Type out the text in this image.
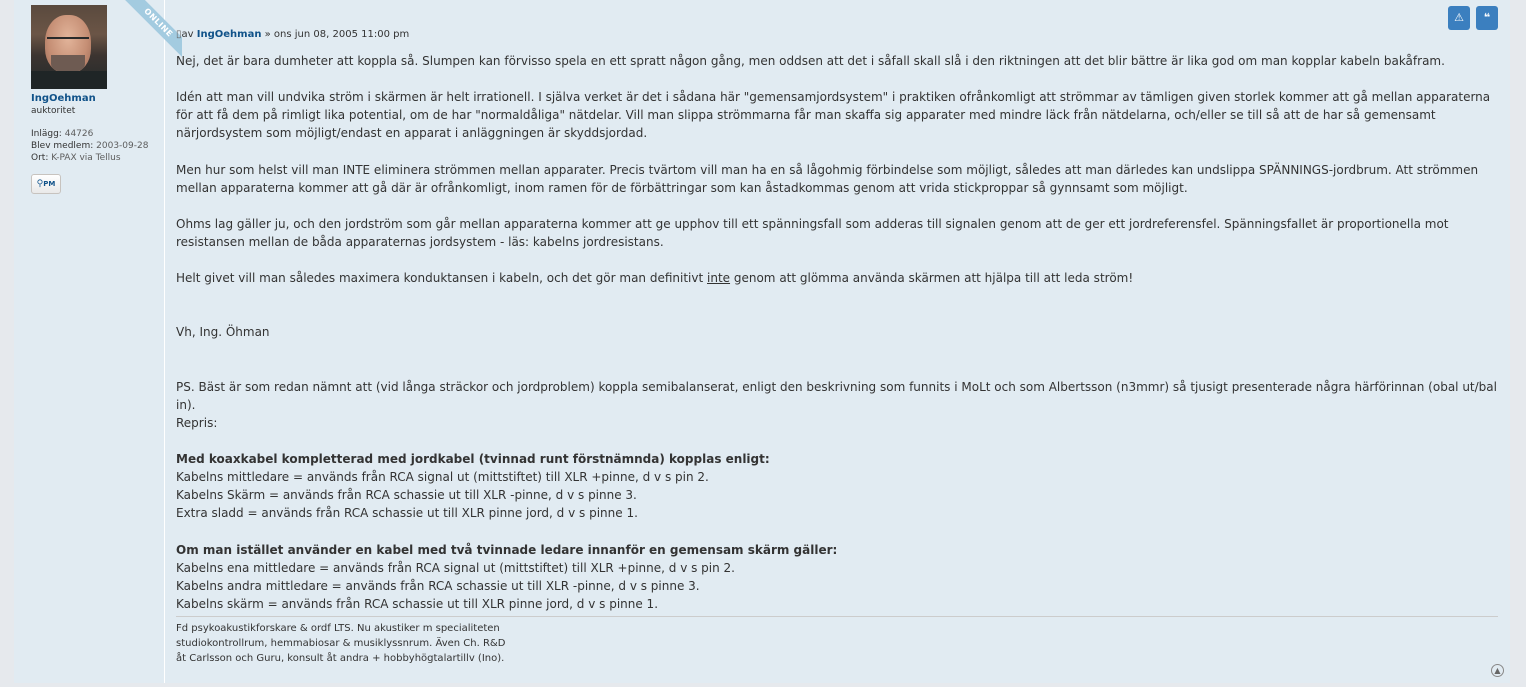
ONLINE
IngOehman
auktoritet
Inlägg: 44726
Blev medlem: 2003-09-28
Ort: K-PAX via Tellus
⚲PM
▯av IngOehman » ons jun 08, 2005 11:00 pm
⚠ ❝

Nej, det är bara dumheter att koppla så. Slumpen kan förvisso spela en ett spratt någon gång, men oddsen att det i såfall skall slå i den riktningen att det blir bättre är lika god om man kopplar kabeln bakåfram.

Idén att man vill undvika ström i skärmen är helt irrationell. I själva verket är det i sådana här "gemensamjordsystem" i praktiken ofrånkomligt att strömmar av tämligen given storlek kommer att gå mellan apparaterna för att få dem på rimligt lika potential, om de har "normaldåliga" nätdelar. Vill man slippa strömmarna får man skaffa sig apparater med mindre läck från nätdelarna, och/eller se till så att de har så gemensamt närjordsystem som möjligt/endast en apparat i anläggningen är skyddsjordad.

Men hur som helst vill man INTE eliminera strömmen mellan apparater. Precis tvärtom vill man ha en så lågohmig förbindelse som möjligt, således att man därledes kan undslippa SPÄNNINGS-jordbrum. Att strömmen mellan apparaterna kommer att gå där är ofrånkomligt, inom ramen för de förbättringar som kan åstadkommas genom att vrida stickproppar så gynnsamt som möjligt.

Ohms lag gäller ju, och den jordström som går mellan apparaterna kommer att ge upphov till ett spänningsfall som adderas till signalen genom att de ger ett jordreferensfel. Spänningsfallet är proportionella mot resistansen mellan de båda apparaternas jordsystem - läs: kabelns jordresistans.

Helt givet vill man således maximera konduktansen i kabeln, och det gör man definitivt inte genom att glömma använda skärmen att hjälpa till att leda ström!

Vh, Ing. Öhman

PS. Bäst är som redan nämnt att (vid långa sträckor och jordproblem) koppla semibalanserat, enligt den beskrivning som funnits i MoLt och som Albertsson (n3mmr) så tjusigt presenterade några härförinnan (obal ut/bal in).

Repris:

Med koaxkabel kompletterad med jordkabel (tvinnad runt förstnämnda) kopplas enligt:

Kabelns mittledare = används från RCA signal ut (mittstiftet) till XLR +pinne, d v s pin 2.

Kabelns Skärm = används från RCA schassie ut till XLR -pinne, d v s pinne 3.

Extra sladd = används från RCA schassie ut till XLR pinne jord, d v s pinne 1.

Om man istället använder en kabel med två tvinnade ledare innanför en gemensam skärm gäller:

Kabelns ena mittledare = används från RCA signal ut (mittstiftet) till XLR +pinne, d v s pin 2.

Kabelns andra mittledare = används från RCA schassie ut till XLR -pinne, d v s pinne 3.

Kabelns skärm = används från RCA schassie ut till XLR pinne jord, d v s pinne 1.

Fd psykoakustikforskare & ordf LTS. Nu akustiker m specialiteten
studiokontrollrum, hemmabiosar & musiklyssnrum. Även Ch. R&D
åt Carlsson och Guru, konsult åt andra + hobbyhögtalartillv (Ino).
▲
